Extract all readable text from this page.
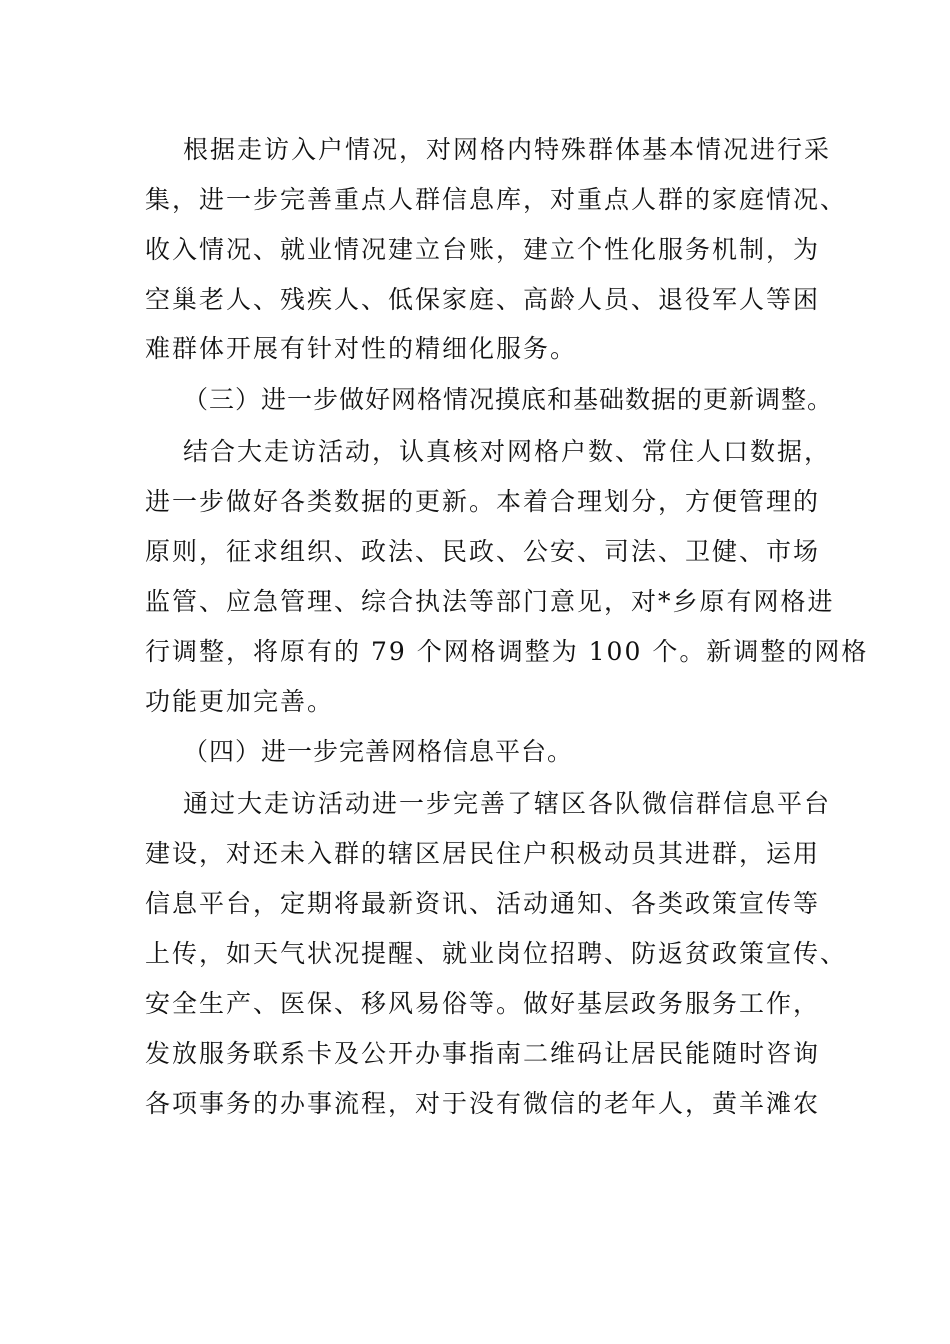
根据走访入户情况，对网格内特殊群体基本情况进行采
集，进一步完善重点人群信息库，对重点人群的家庭情况、
收入情况、就业情况建立台账，建立个性化服务机制，为
空巢老人、残疾人、低保家庭、高龄人员、退役军人等困
难群体开展有针对性的精细化服务。
（三）进一步做好网格情况摸底和基础数据的更新调整。
结合大走访活动，认真核对网格户数、常住人口数据，
进一步做好各类数据的更新。本着合理划分，方便管理的
原则，征求组织、政法、民政、公安、司法、卫健、市场
监管、应急管理、综合执法等部门意见，对*乡原有网格进
行调整，将原有的 79 个网格调整为 100 个。新调整的网格
功能更加完善。
（四）进一步完善网格信息平台。
通过大走访活动进一步完善了辖区各队微信群信息平台
建设，对还未入群的辖区居民住户积极动员其进群，运用
信息平台，定期将最新资讯、活动通知、各类政策宣传等
上传，如天气状况提醒、就业岗位招聘、防返贫政策宣传、
安全生产、医保、移风易俗等。做好基层政务服务工作，
发放服务联系卡及公开办事指南二维码让居民能随时咨询
各项事务的办事流程，对于没有微信的老年人，黄羊滩农
